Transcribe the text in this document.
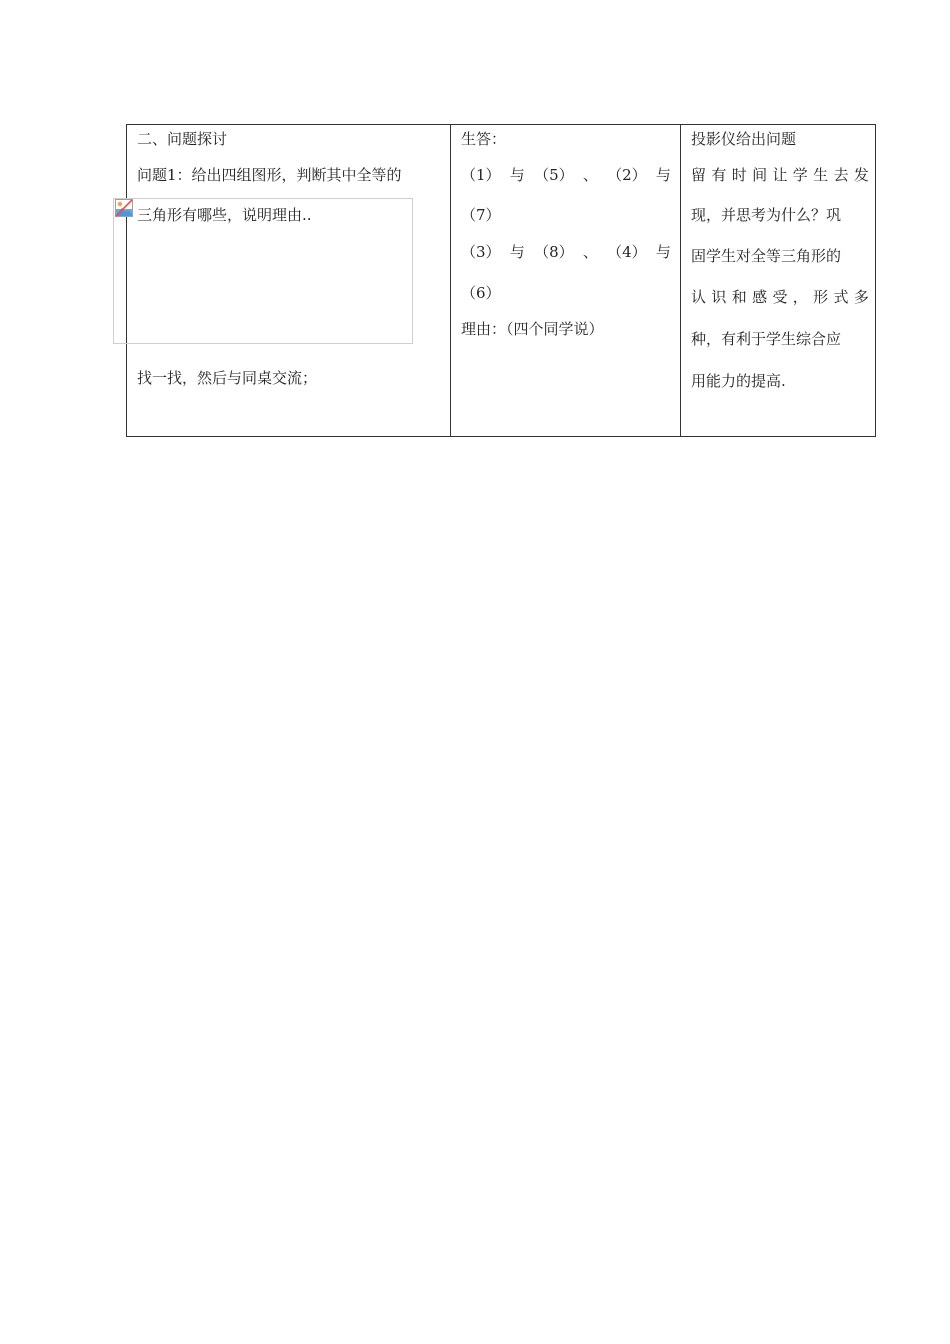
二、问题探讨
问题1：给出四组图形，判断其中全等的
三角形有哪些，说明理由..
找一找，然后与同桌交流；
生答：
（1） 与 （5） 、 （2） 与
（7）
（3） 与 （8） 、 （4） 与
（6）
理由：（四个同学说）
投影仪给出问题
留 有 时 间 让 学 生 去 发
现，并思考为什么？巩
固学生对全等三角形的
认 识 和 感 受 ， 形 式 多
种，有利于学生综合应
用能力的提高.
